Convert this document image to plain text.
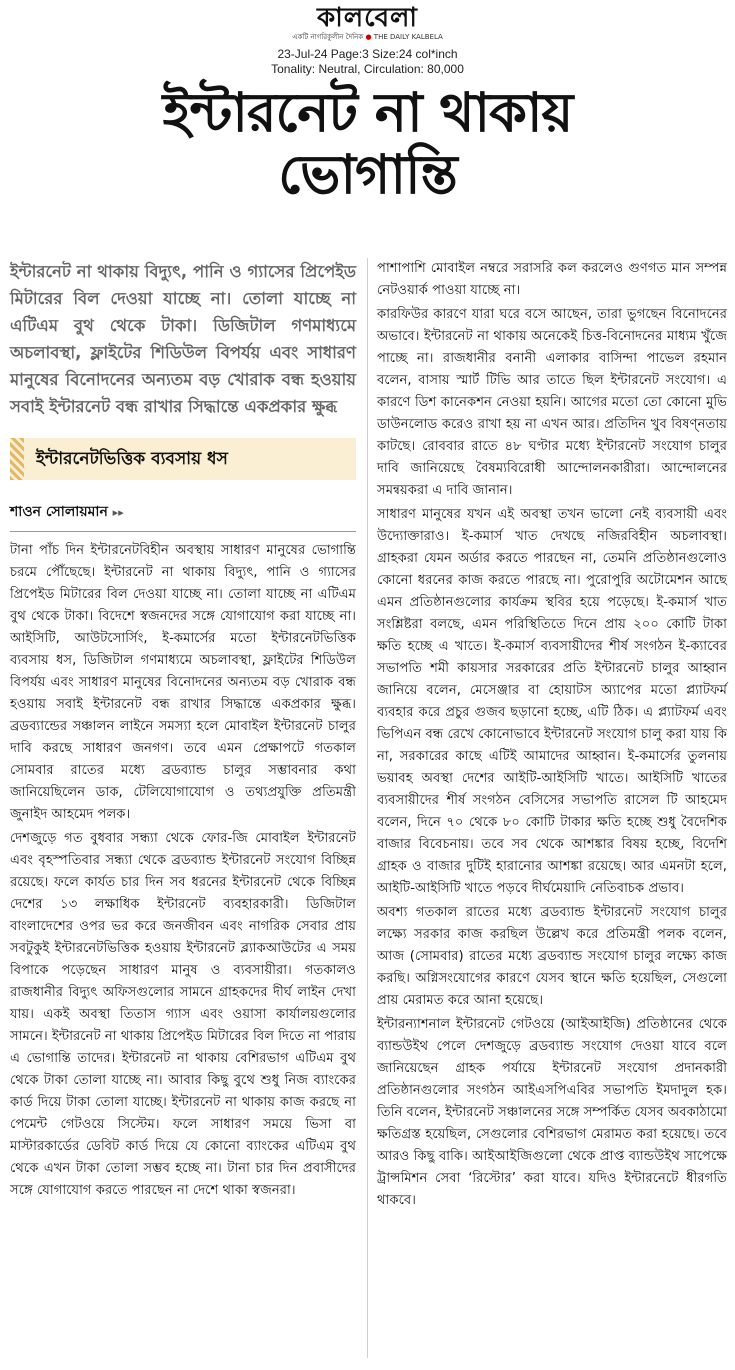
কালবেলা
একটি নাগরিকুলীন দৈনিক ● THE DAILY KALBELA
23-Jul-24 Page:3 Size:24 col*inch
Tonality: Neutral, Circulation: 80,000
ইন্টারনেট না থাকায়
ভোগান্তি

ইন্টারনেট না থাকায় বিদ্যুৎ, পানি ও গ্যাসের প্রিপেইড মিটারের বিল দেওয়া যাচ্ছে না। তোলা যাচ্ছে না এটিএম বুথ থেকে টাকা। ডিজিটাল গণমাধ্যমে অচলাবস্থা, ফ্লাইটের শিডিউল বিপর্যয় এবং সাধারণ মানুষের বিনোদনের অন্যতম বড় খোরাক বন্ধ হওয়ায় সবাই ইন্টারনেট বন্ধ রাখার সিদ্ধান্তে একপ্রকার ক্ষুব্ধ

ইন্টারনেটভিত্তিক ব্যবসায় ধস
শাওন সোলায়মান ▸▸

টানা পাঁচ দিন ইন্টারনেটবিহীন অবস্থায় সাধারণ মানুষের ভোগান্তি চরমে পৌঁছেছে। ইন্টারনেট না থাকায় বিদ্যুৎ, পানি ও গ্যাসের প্রিপেইড মিটারের বিল দেওয়া যাচ্ছে না। তোলা যাচ্ছে না এটিএম বুথ থেকে টাকা। বিদেশে স্বজনদের সঙ্গে যোগাযোগ করা যাচ্ছে না। আইসিটি, আউটসোর্সিং, ই-কমার্সের মতো ইন্টারনেটভিত্তিক ব্যবসায় ধস, ডিজিটাল গণমাধ্যমে অচলাবস্থা, ফ্লাইটের শিডিউল বিপর্যয় এবং সাধারণ মানুষের বিনোদনের অন্যতম বড় খোরাক বন্ধ হওয়ায় সবাই ইন্টারনেট বন্ধ রাখার সিদ্ধান্তে একপ্রকার ক্ষুব্ধ। ব্রডব্যান্ডের সঞ্চালন লাইনে সমস্যা হলে মোবাইল ইন্টারনেট চালুর দাবি করছে সাধারণ জনগণ। তবে এমন প্রেক্ষাপটে গতকাল সোমবার রাতের মধ্যে ব্রডব্যান্ড চালুর সম্ভাবনার কথা জানিয়েছিলেন ডাক, টেলিযোগাযোগ ও তথ্যপ্রযুক্তি প্রতিমন্ত্রী জুনাইদ আহমেদ পলক।

দেশজুড়ে গত বুধবার সন্ধ্যা থেকে ফোর-জি মোবাইল ইন্টারনেট এবং বৃহস্পতিবার সন্ধ্যা থেকে ব্রডব্যান্ড ইন্টারনেট সংযোগ বিচ্ছিন্ন রয়েছে। ফলে কার্যত চার দিন সব ধরনের ইন্টারনেট থেকে বিচ্ছিন্ন দেশের ১৩ লক্ষাধিক ইন্টারনেট ব্যবহারকারী। ডিজিটাল বাংলাদেশের ওপর ভর করে জনজীবন এবং নাগরিক সেবার প্রায় সবটুকুই ইন্টারনেটভিত্তিক হওয়ায় ইন্টারনেট ব্ল্যাকআউটের এ সময় বিপাকে পড়েছেন সাধারণ মানুষ ও ব্যবসায়ীরা। গতকালও রাজধানীর বিদ্যুৎ অফিসগুলোর সামনে গ্রাহকদের দীর্ঘ লাইন দেখা যায়। একই অবস্থা তিতাস গ্যাস এবং ওয়াসা কার্যালয়গুলোর সামনে। ইন্টারনেট না থাকায় প্রিপেইড মিটারের বিল দিতে না পারায় এ ভোগান্তি তাদের। ইন্টারনেট না থাকায় বেশিরভাগ এটিএম বুথ থেকে টাকা তোলা যাচ্ছে না। আবার কিছু বুথে শুধু নিজ ব্যাংকের কার্ড দিয়ে টাকা তোলা যাচ্ছে। ইন্টারনেট না থাকায় কাজ করছে না পেমেন্ট গেটওয়ে সিস্টেম। ফলে সাধারণ সময়ে ভিসা বা মাস্টারকার্ডের ডেবিট কার্ড দিয়ে যে কোনো ব্যাংকের এটিএম বুথ থেকে এখন টাকা তোলা সম্ভব হচ্ছে না। টানা চার দিন প্রবাসীদের সঙ্গে যোগাযোগ করতে পারছেন না দেশে থাকা স্বজনরা।

পাশাপাশি মোবাইল নম্বরে সরাসরি কল করলেও গুণগত মান সম্পন্ন নেটওয়ার্ক পাওয়া যাচ্ছে না।

কারফিউর কারণে যারা ঘরে বসে আছেন, তারা ভুগছেন বিনোদনের অভাবে। ইন্টারনেট না থাকায় অনেকেই চিত্ত-বিনোদনের মাধ্যম খুঁজে পাচ্ছে না। রাজধানীর বনানী এলাকার বাসিন্দা পাভেল রহমান বলেন, বাসায় স্মার্ট টিভি আর তাতে ছিল ইন্টারনেট সংযোগ। এ কারণে ডিশ কানেকশন নেওয়া হয়নি। আগের মতো তো কোনো মুভি ডাউনলোড করেও রাখা হয় না এখন আর। প্রতিদিন খুব বিষণ্নতায় কাটছে। রোববার রাতে ৪৮ ঘণ্টার মধ্যে ইন্টারনেট সংযোগ চালুর দাবি জানিয়েছে বৈষম্যবিরোধী আন্দোলনকারীরা। আন্দোলনের সমন্বয়করা এ দাবি জানান।

সাধারণ মানুষের যখন এই অবস্থা তখন ভালো নেই ব্যবসায়ী এবং উদ্যোক্তারাও। ই-কমার্স খাত দেখছে নজিরবিহীন অচলাবস্থা। গ্রাহকরা যেমন অর্ডার করতে পারছেন না, তেমনি প্রতিষ্ঠানগুলোও কোনো ধরনের কাজ করতে পারছে না। পুরোপুরি অটোমেশন আছে এমন প্রতিষ্ঠানগুলোর কার্যক্রম স্থবির হয়ে পড়েছে। ই-কমার্স খাত সংশ্লিষ্টরা বলছে, এমন পরিস্থিতিতে দিনে প্রায় ২০০ কোটি টাকা ক্ষতি হচ্ছে এ খাতে। ই-কমার্স ব্যবসায়ীদের শীর্ষ সংগঠন ই-ক্যাবের সভাপতি শমী কায়সার সরকারের প্রতি ইন্টারনেট চালুর আহ্বান জানিয়ে বলেন, মেসেঞ্জার বা হোয়াটস অ্যাপের মতো প্ল্যাটফর্ম ব্যবহার করে প্রচুর গুজব ছড়ানো হচ্ছে, এটি ঠিক। এ প্ল্যাটফর্ম এবং ভিপিএন বন্ধ রেখে কোনোভাবে ইন্টারনেট সংযোগ চালু করা যায় কি না, সরকারের কাছে এটিই আমাদের আহ্বান। ই-কমার্সের তুলনায় ভয়াবহ অবস্থা দেশের আইটি-আইসিটি খাতে। আইসিটি খাতের ব্যবসায়ীদের শীর্ষ সংগঠন বেসিসের সভাপতি রাসেল টি আহমেদ বলেন, দিনে ৭০ থেকে ৮০ কোটি টাকার ক্ষতি হচ্ছে শুধু বৈদেশিক বাজার বিবেচনায়। তবে সব থেকে আশঙ্কার বিষয় হচ্ছে, বিদেশি গ্রাহক ও বাজার দুটিই হারানোর আশঙ্কা রয়েছে। আর এমনটা হলে, আইটি-আইসিটি খাতে পড়বে দীর্ঘমেয়াদি নেতিবাচক প্রভাব।

অবশ্য গতকাল রাতের মধ্যে ব্রডব্যান্ড ইন্টারনেট সংযোগ চালুর লক্ষ্যে সরকার কাজ করছিল উল্লেখ করে প্রতিমন্ত্রী পলক বলেন, আজ (সোমবার) রাতের মধ্যে ব্রডব্যান্ড সংযোগ চালুর লক্ষ্যে কাজ করছি। অগ্নিসংযোগের কারণে যেসব স্থানে ক্ষতি হয়েছিল, সেগুলো প্রায় মেরামত করে আনা হয়েছে।

ইন্টারন্যাশনাল ইন্টারনেট গেটওয়ে (আইআইজি) প্রতিষ্ঠানের থেকে ব্যান্ডউইথ পেলে দেশজুড়ে ব্রডব্যান্ড সংযোগ দেওয়া যাবে বলে জানিয়েছেন গ্রাহক পর্যায়ে ইন্টারনেট সংযোগ প্রদানকারী প্রতিষ্ঠানগুলোর সংগঠন আইএসপিএবির সভাপতি ইমদাদুল হক। তিনি বলেন, ইন্টারনেট সঞ্চালনের সঙ্গে সম্পর্কিত যেসব অবকাঠামো ক্ষতিগ্রস্ত হয়েছিল, সেগুলোর বেশিরভাগ মেরামত করা হয়েছে। তবে আরও কিছু বাকি। আইআইজিগুলো থেকে প্রাপ্ত ব্যান্ডউইথ সাপেক্ষে ট্রান্সমিশন সেবা ‘রিস্টোর’ করা যাবে। যদিও ইন্টারনেটে ধীরগতি থাকবে।
